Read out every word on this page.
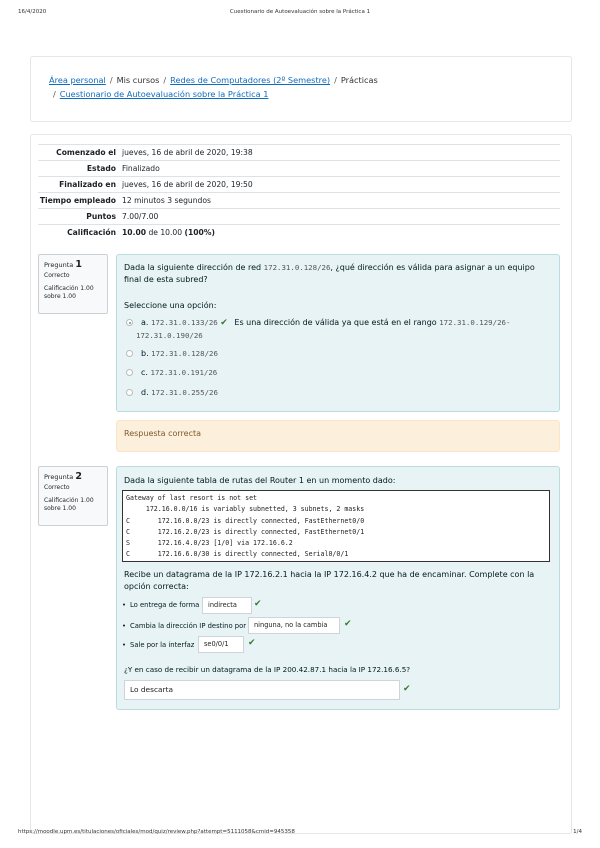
16/4/2020	Cuestionario de Autoevaluación sobre la Práctica 1
Área personal / Mis cursos / Redes de Computadores (2º Semestre) / Prácticas
/ Cuestionario de Autoevaluación sobre la Práctica 1
Comenzado el jueves, 16 de abril de 2020, 19:38
Estado Finalizado
Finalizado en jueves, 16 de abril de 2020, 19:50
Tiempo empleado 12 minutos 3 segundos
Puntos 7.00/7.00
Calificación 10.00 de 10.00 (100%)
Pregunta 1
Correcto
Calificación 1.00 sobre 1.00
Dada la siguiente dirección de red 172.31.0.128/26, ¿qué dirección es válida para asignar a un equipo final de esta subred?
Seleccione una opción:
a. 172.31.0.133/26 ✔ Es una dirección de válida ya que está en el rango 172.31.0.129/26-
172.31.0.190/26
b. 172.31.0.128/26
c. 172.31.0.191/26
d. 172.31.0.255/26
Respuesta correcta
Pregunta 2
Correcto
Calificación 1.00 sobre 1.00
Dada la siguiente tabla de rutas del Router 1 en un momento dado:
Gateway of last resort is not set
172.16.0.0/16 is variably subnetted, 3 subnets, 2 masks
C       172.16.0.0/23 is directly connected, FastEthernet0/0
C       172.16.2.0/23 is directly connected, FastEthernet0/1
S       172.16.4.0/23 [1/0] via 172.16.6.2
C       172.16.6.0/30 is directly connected, Serial0/0/1
Recibe un datagrama de la IP 172.16.2.1 hacia la IP 172.16.4.2 que ha de encaminar. Complete con la opción correcta:
• Lo entrega de forma	indirecta	✔
• Cambia la dirección IP destino por	ninguna, no la cambia	✔
• Sale por la interfaz	se0/0/1	✔
¿Y en caso de recibir un datagrama de la IP 200.42.87.1 hacia la IP 172.16.6.5?
Lo descarta	✔
https://moodle.upm.es/titulaciones/oficiales/mod/quiz/review.php?attempt=5111058&cmid=945358	1/4
